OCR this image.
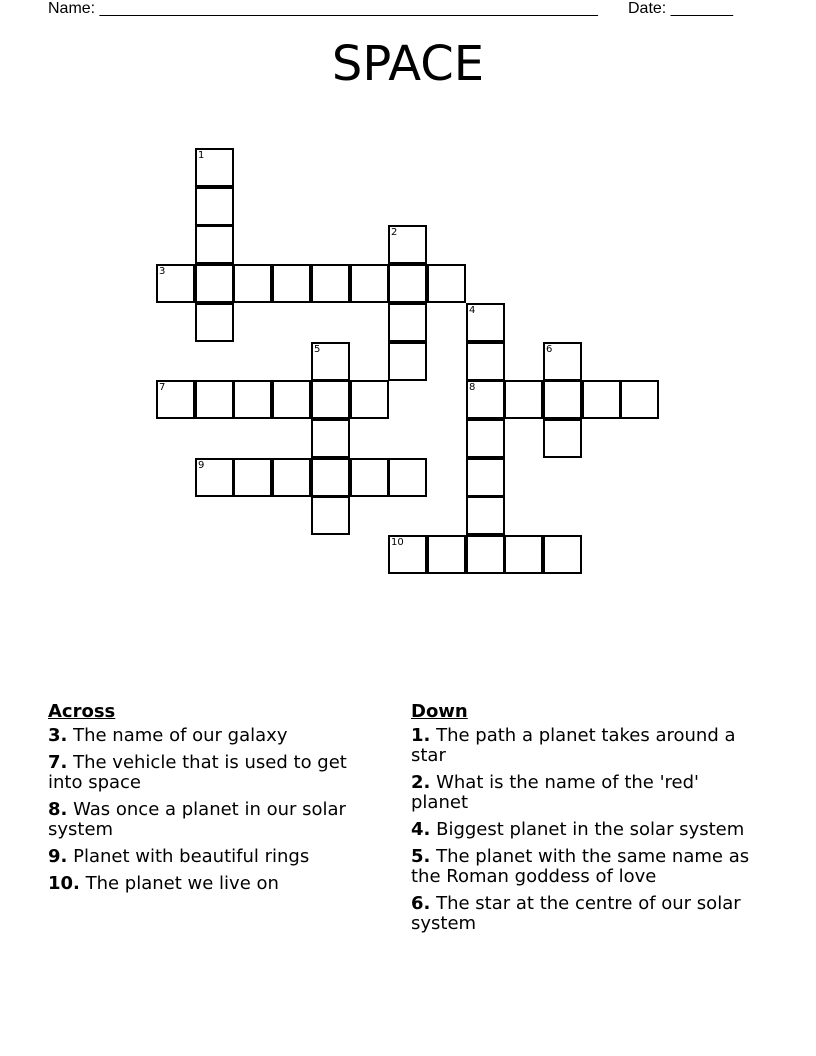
Name: ________________________________________________________ Date: _______
SPACE
1
2
3
4
5	6
7	8
9
10
Across
3. The name of our galaxy
7. The vehicle that is used to get into space
8. Was once a planet in our solar system
9. Planet with beautiful rings
10. The planet we live on
Down
1. The path a planet takes around a star
2. What is the name of the 'red' planet
4. Biggest planet in the solar system
5. The planet with the same name as the Roman goddess of love
6. The star at the centre of our solar system
